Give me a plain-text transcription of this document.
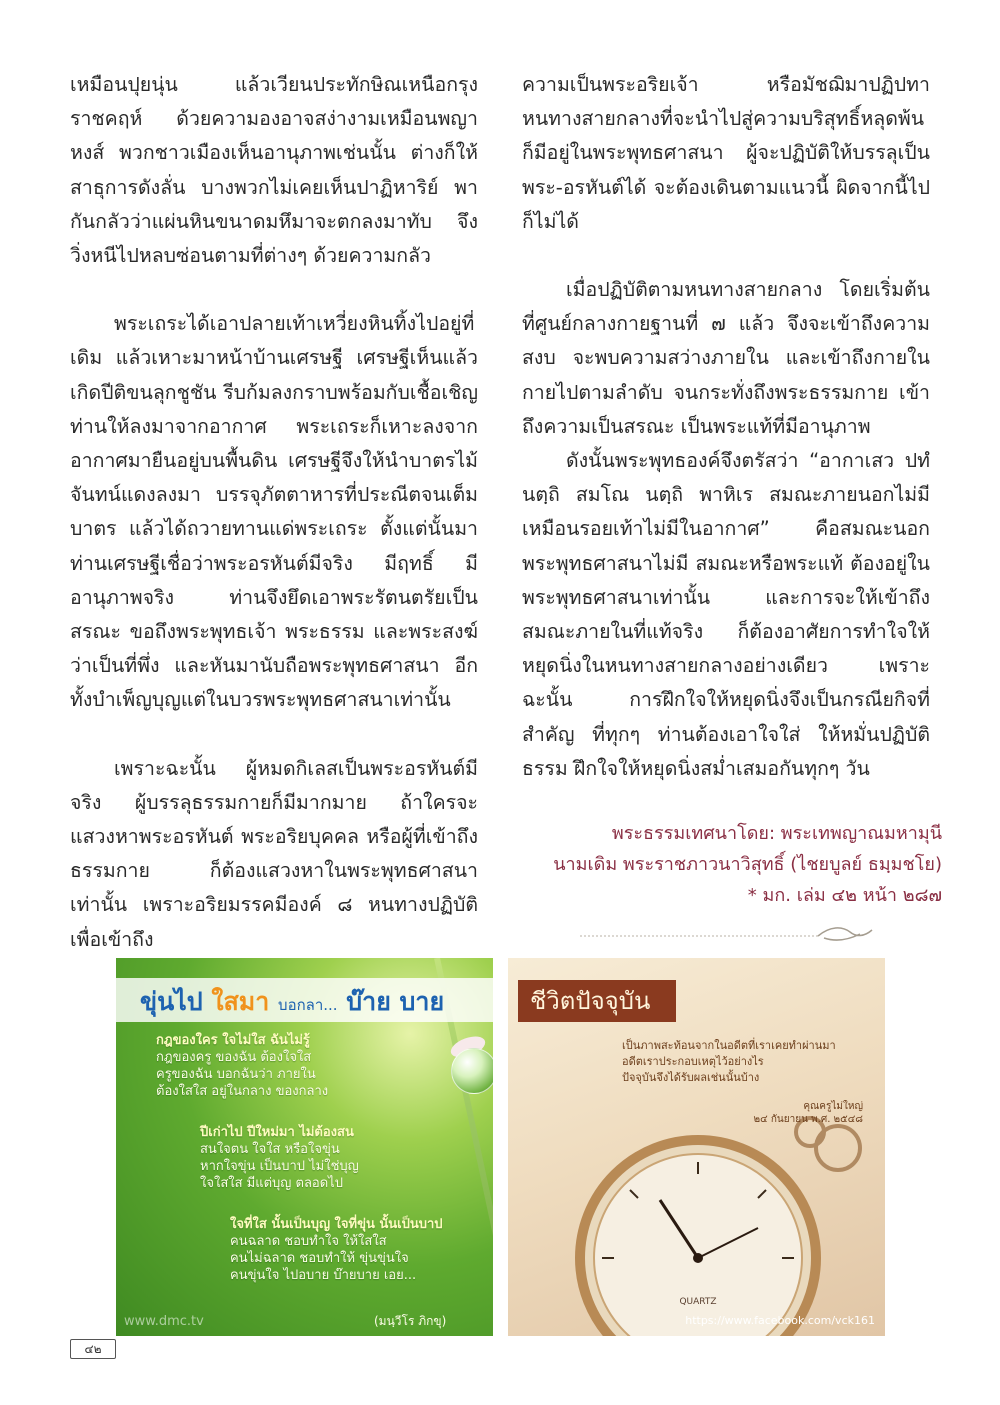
เหมือนปุยนุ่น แล้วเวียนประทักษิณเหนือกรุงราชคฤห์ ด้วยความองอาจสง่างามเหมือนพญาหงส์ พวกชาวเมืองเห็นอานุภาพเช่นนั้น ต่างก็ให้สาธุการดังลั่น บางพวกไม่เคยเห็นปาฏิหาริย์ พากันกลัวว่าแผ่นหินขนาดมหึมาจะตกลงมาทับ จึงวิ่งหนีไปหลบซ่อนตามที่ต่างๆ ด้วยความกลัว

พระเถระได้เอาปลายเท้าเหวี่ยงหินทิ้งไปอยู่ที่เดิม แล้วเหาะมาหน้าบ้านเศรษฐี เศรษฐีเห็นแล้วเกิดปีติขนลุกชูชัน รีบก้มลงกราบพร้อมกับเชื้อเชิญท่านให้ลงมาจากอากาศ พระเถระก็เหาะลงจากอากาศมายืนอยู่บนพื้นดิน เศรษฐีจึงให้นำบาตรไม้จันทน์แดงลงมา บรรจุภัตตาหารที่ประณีตจนเต็มบาตร แล้วได้ถวายทานแด่พระเถระ ตั้งแต่นั้นมาท่านเศรษฐีเชื่อว่าพระอรหันต์มีจริง มีฤทธิ์ มีอานุภาพจริง ท่านจึงยึดเอาพระรัตนตรัยเป็นสรณะ ขอถึงพระพุทธเจ้า พระธรรม และพระสงฆ์ว่าเป็นที่พึ่ง และหันมานับถือพระพุทธศาสนา อีกทั้งบำเพ็ญบุญแต่ในบวรพระพุทธศาสนาเท่านั้น

เพราะฉะนั้น ผู้หมดกิเลสเป็นพระอรหันต์มีจริง ผู้บรรลุธรรมกายก็มีมากมาย ถ้าใครจะแสวงหาพระอรหันต์ พระอริยบุคคล หรือผู้ที่เข้าถึงธรรมกาย ก็ต้องแสวงหาในพระพุทธศาสนาเท่านั้น เพราะอริยมรรคมีองค์ ๘ หนทางปฏิบัติเพื่อเข้าถึง

ความเป็นพระอริยเจ้า หรือมัชฌิมาปฏิปทา หนทางสายกลางที่จะนำไปสู่ความบริสุทธิ์หลุดพ้น ก็มีอยู่ในพระพุทธศาสนา ผู้จะปฏิบัติให้บรรลุเป็นพระ-อรหันต์ได้ จะต้องเดินตามแนวนี้ ผิดจากนี้ไปก็ไม่ได้

เมื่อปฏิบัติตามหนทางสายกลาง โดยเริ่มต้นที่ศูนย์กลางกายฐานที่ ๗ แล้ว จึงจะเข้าถึงความสงบ จะพบความสว่างภายใน และเข้าถึงกายในกายไปตามลำดับ จนกระทั่งถึงพระธรรมกาย เข้าถึงความเป็นสรณะ เป็นพระแท้ที่มีอานุภาพ

ดังนั้นพระพุทธองค์จึงตรัสว่า “อากาเสว ปทํ นตฺถิ สมโณ นตฺถิ พาหิเร สมณะภายนอกไม่มี เหมือนรอยเท้าไม่มีในอากาศ” คือสมณะนอกพระพุทธศาสนาไม่มี สมณะหรือพระแท้ ต้องอยู่ในพระพุทธศาสนาเท่านั้น และการจะให้เข้าถึงสมณะภายในที่แท้จริง ก็ต้องอาศัยการทำใจให้หยุดนิ่งในหนทางสายกลางอย่างเดียว เพราะฉะนั้น การฝึกใจให้หยุดนิ่งจึงเป็นกรณียกิจที่สำคัญ ที่ทุกๆ ท่านต้องเอาใจใส่ ให้หมั่นปฏิบัติธรรม ฝึกใจให้หยุดนิ่งสม่ำเสมอกันทุกๆ วัน

พระธรรมเทศนาโดย: พระเทพญาณมหามุนี
นามเดิม พระราชภาวนาวิสุทธิ์ (ไชยบูลย์ ธมฺมชโย)
* มก. เล่ม ๔๒ หน้า ๒๘๗
ขุ่นไป ใสมา บอกลา... บ๊าย บาย
กฎของใคร ใจไม่ใส ฉันไม่รู้
กฎของครู ของฉัน ต้องใจใส
ครูของฉัน บอกฉันว่า ภายใน
ต้องใสใส อยู่ในกลาง ของกลาง
ปีเก่าไป ปีใหม่มา ไม่ต้องสน
สนใจตน ใจใส หรือใจขุ่น
หากใจขุ่น เป็นบาป ไม่ใช่บุญ
ใจใสใส มีแต่บุญ ตลอดไป
ใจที่ใส นั้นเป็นบุญ ใจที่ขุ่น นั้นเป็นบาป
คนฉลาด ชอบทำใจ ให้ใสใส
คนไม่ฉลาด ชอบทำให้ ขุ่นขุ่นใจ
คนขุ่นใจ ไปอบาย บ๊ายบาย เอย...
(มนฺวีโร ภิกขุ)
www.dmc.tv
QUARTZ
ชีวิตปัจจุบัน
เป็นภาพสะท้อนจากในอดีตที่เราเคยทำผ่านมา
อดีตเราประกอบเหตุไว้อย่างไร
ปัจจุบันจึงได้รับผลเช่นนั้นบ้าง
คุณครูไม่ใหญ่
๒๔ กันยายน พ.ศ. ๒๕๔๘
https://www.facebook.com/vck161
๔๒
